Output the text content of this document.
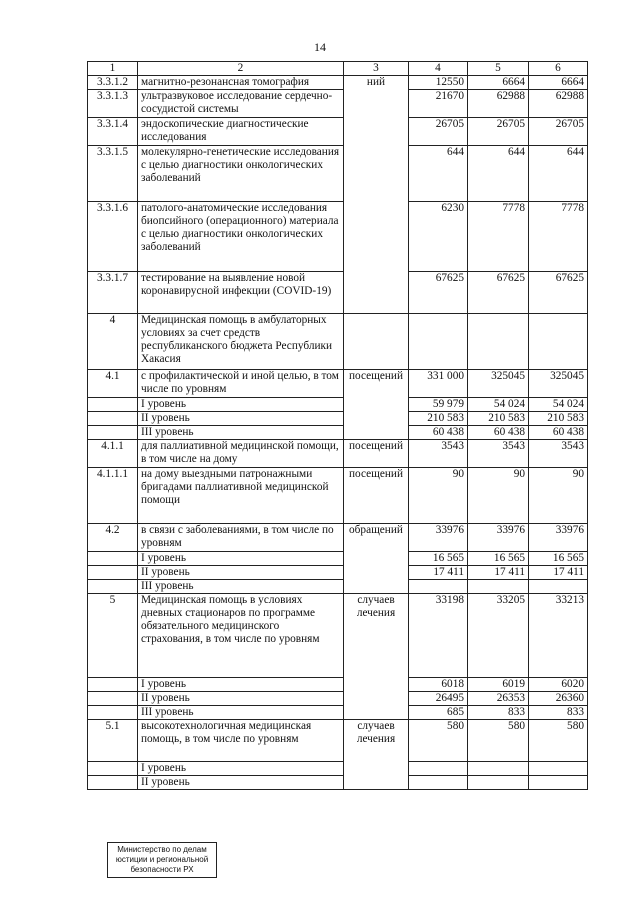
14
1	2	3	4	5	6
3.3.1.2	магнитно-резонансная томография	ний	12550	6664	6664
3.3.1.3	ультразвуковое исследование сердечно-сосудистой системы		21670	62988	62988
3.3.1.4	эндоскопические диагностические исследования		26705	26705	26705
3.3.1.5	молекулярно-генетические исследования с целью диагностики онкологических заболеваний		644	644	644
3.3.1.6	патолого-анатомические исследования биопсийного (операционного) материала с целью диагностики онкологических заболеваний		6230	7778	7778
3.3.1.7	тестирование на выявление новой коронавирусной инфекции (COVID-19)		67625	67625	67625
4	Медицинская помощь в амбулаторных условиях за счет средств республиканского бюджета Республики Хакасия				
4.1	с профилактической и иной целью, в том числе по уровням	посещений	331 000	325045	325045
	I уровень		59 979	54 024	54 024
	II уровень		210 583	210 583	210 583
	III уровень		60 438	60 438	60 438
4.1.1	для паллиативной медицинской помощи, в том числе на дому	посещений	3543	3543	3543
4.1.1.1	на дому выездными патронажными бригадами паллиативной медицинской помощи	посещений	90	90	90
4.2	в связи с заболеваниями, в том числе по уровням	обращений	33976	33976	33976
	I уровень		16 565	16 565	16 565
	II уровень		17 411	17 411	17 411
	III уровень				
5	Медицинская помощь в условиях дневных стационаров по программе обязательного медицинского страхования, в том числе по уровням	случаев лечения	33198	33205	33213
	I уровень		6018	6019	6020
	II уровень		26495	26353	26360
	III уровень		685	833	833
5.1	высокотехнологичная медицинская помощь, в том числе по уровням	случаев лечения	580	580	580
	I уровень				
	II уровень				
Министерство по делам
юстиции и региональной
безопасности РХ
